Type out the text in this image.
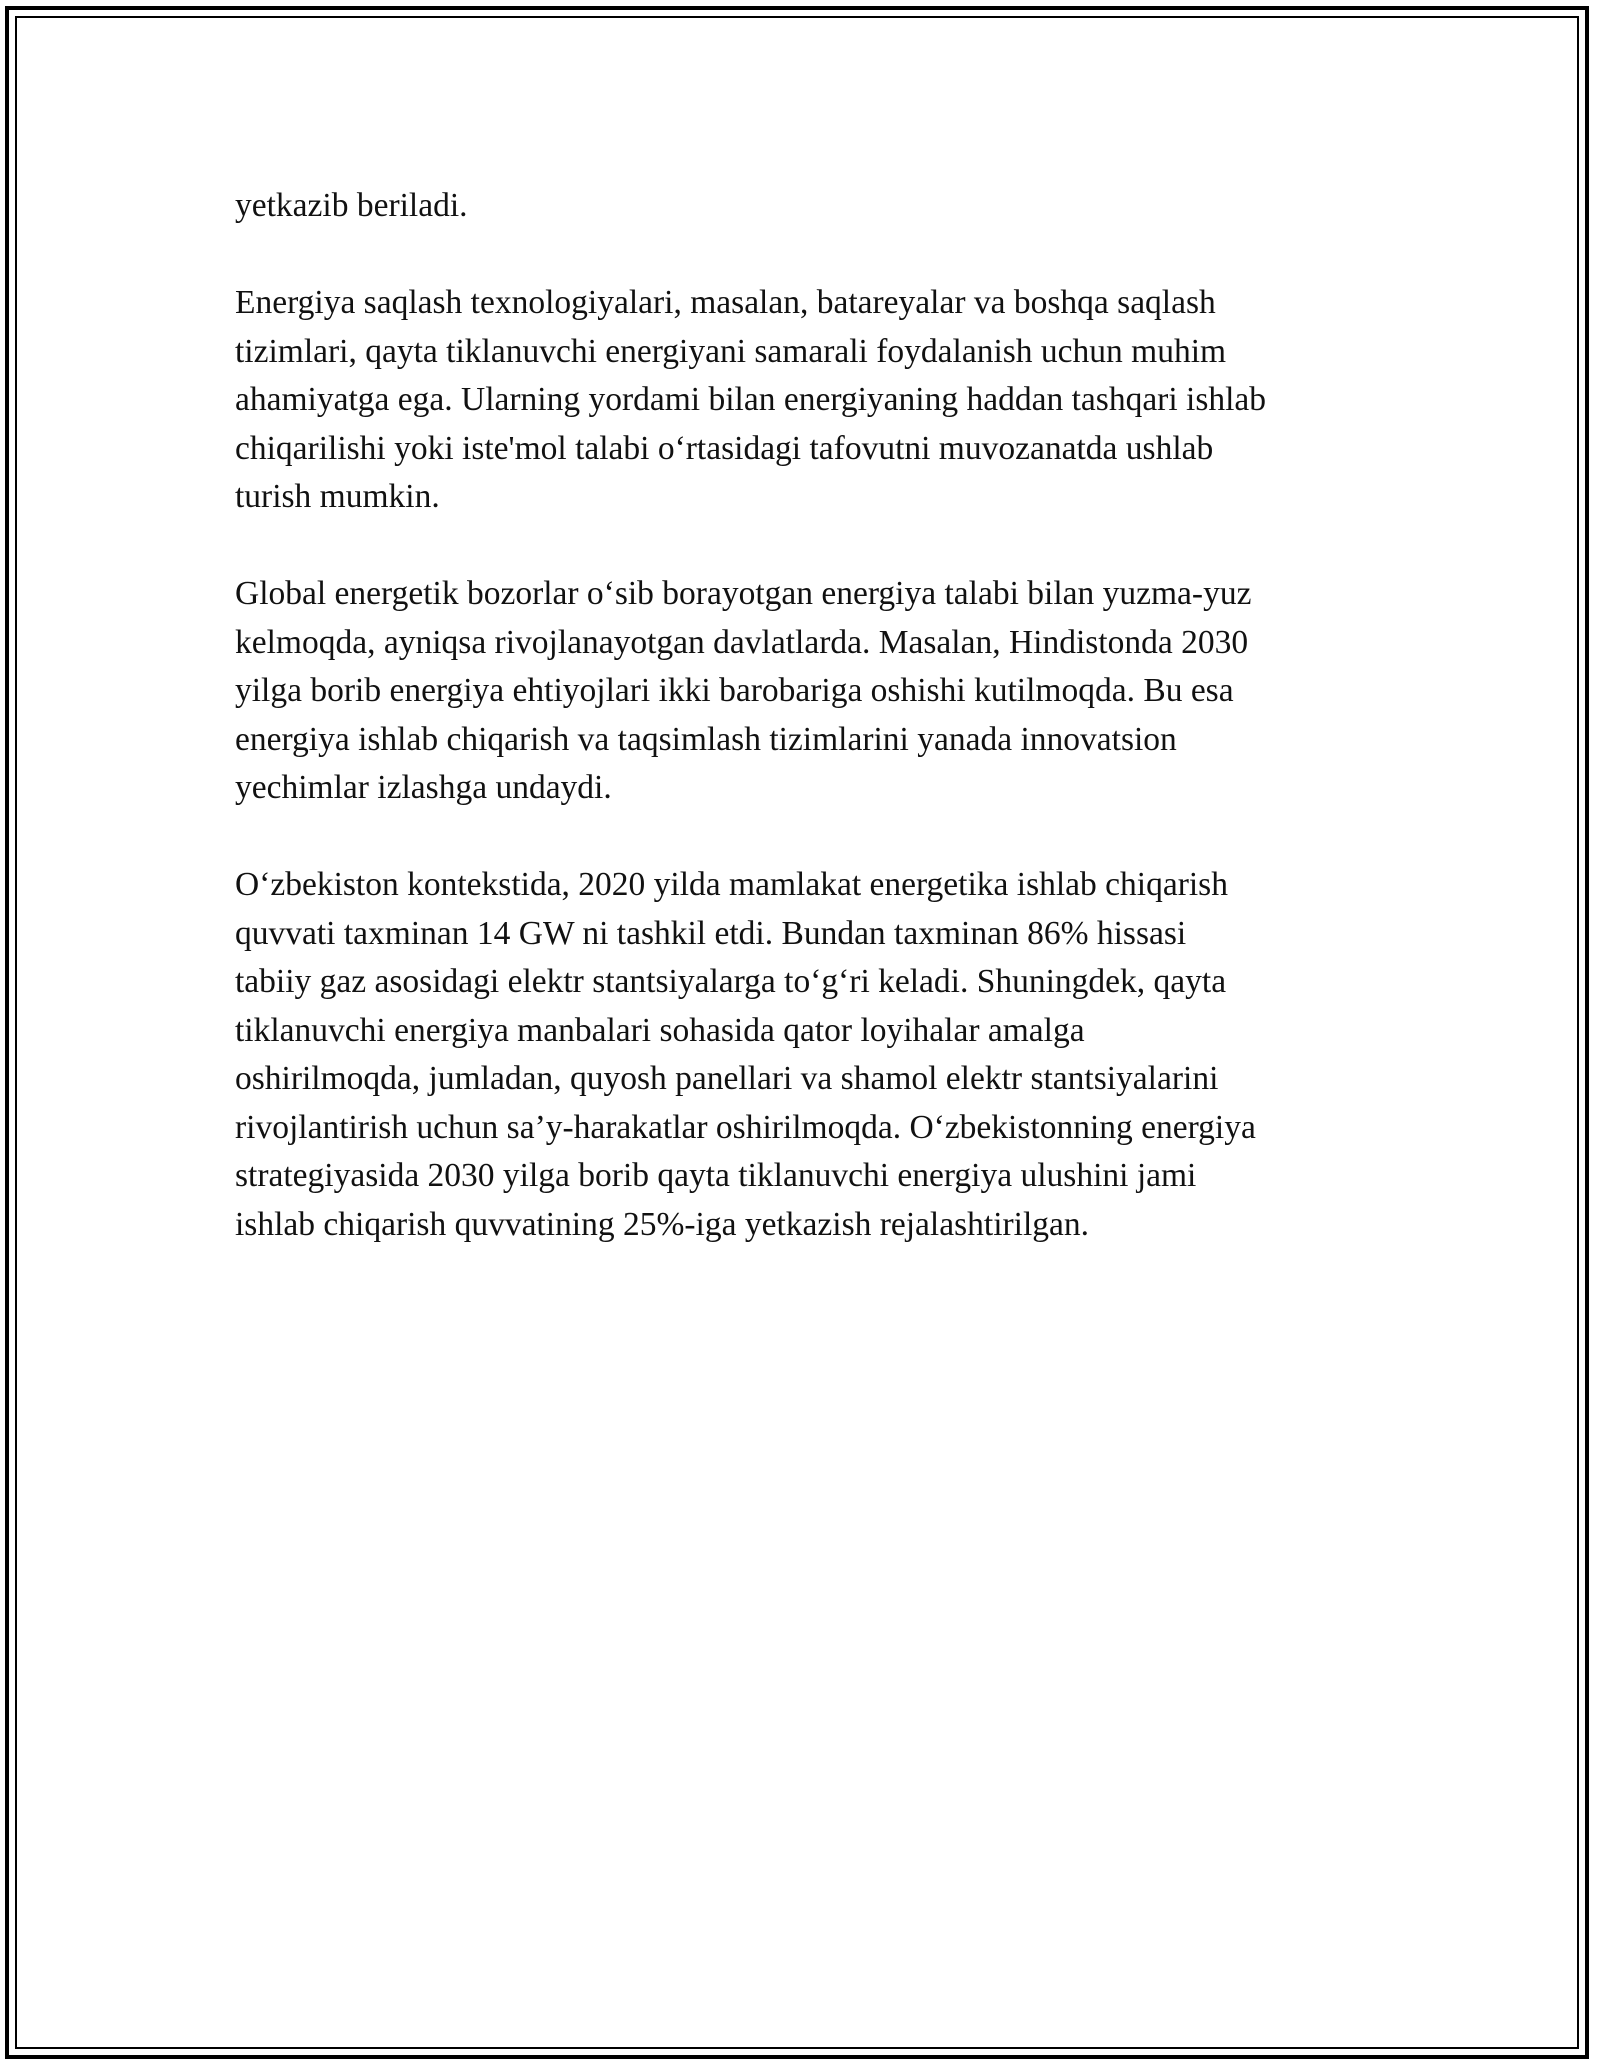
yetkazib beriladi.

Energiya saqlash texnologiyalari, masalan, batareyalar va boshqa saqlash
tizimlari, qayta tiklanuvchi energiyani samarali foydalanish uchun muhim
ahamiyatga ega. Ularning yordami bilan energiyaning haddan tashqari ishlab
chiqarilishi yoki iste'mol talabi o‘rtasidagi tafovutni muvozanatda ushlab
turish mumkin.

Global energetik bozorlar o‘sib borayotgan energiya talabi bilan yuzma-yuz
kelmoqda, ayniqsa rivojlanayotgan davlatlarda. Masalan, Hindistonda 2030
yilga borib energiya ehtiyojlari ikki barobariga oshishi kutilmoqda. Bu esa
energiya ishlab chiqarish va taqsimlash tizimlarini yanada innovatsion
yechimlar izlashga undaydi.

O‘zbekiston kontekstida, 2020 yilda mamlakat energetika ishlab chiqarish
quvvati taxminan 14 GW ni tashkil etdi. Bundan taxminan 86% hissasi
tabiiy gaz asosidagi elektr stantsiyalarga to‘g‘ri keladi. Shuningdek, qayta
tiklanuvchi energiya manbalari sohasida qator loyihalar amalga
oshirilmoqda, jumladan, quyosh panellari va shamol elektr stantsiyalarini
rivojlantirish uchun sa’y-harakatlar oshirilmoqda. O‘zbekistonning energiya
strategiyasida 2030 yilga borib qayta tiklanuvchi energiya ulushini jami
ishlab chiqarish quvvatining 25%-iga yetkazish rejalashtirilgan.
